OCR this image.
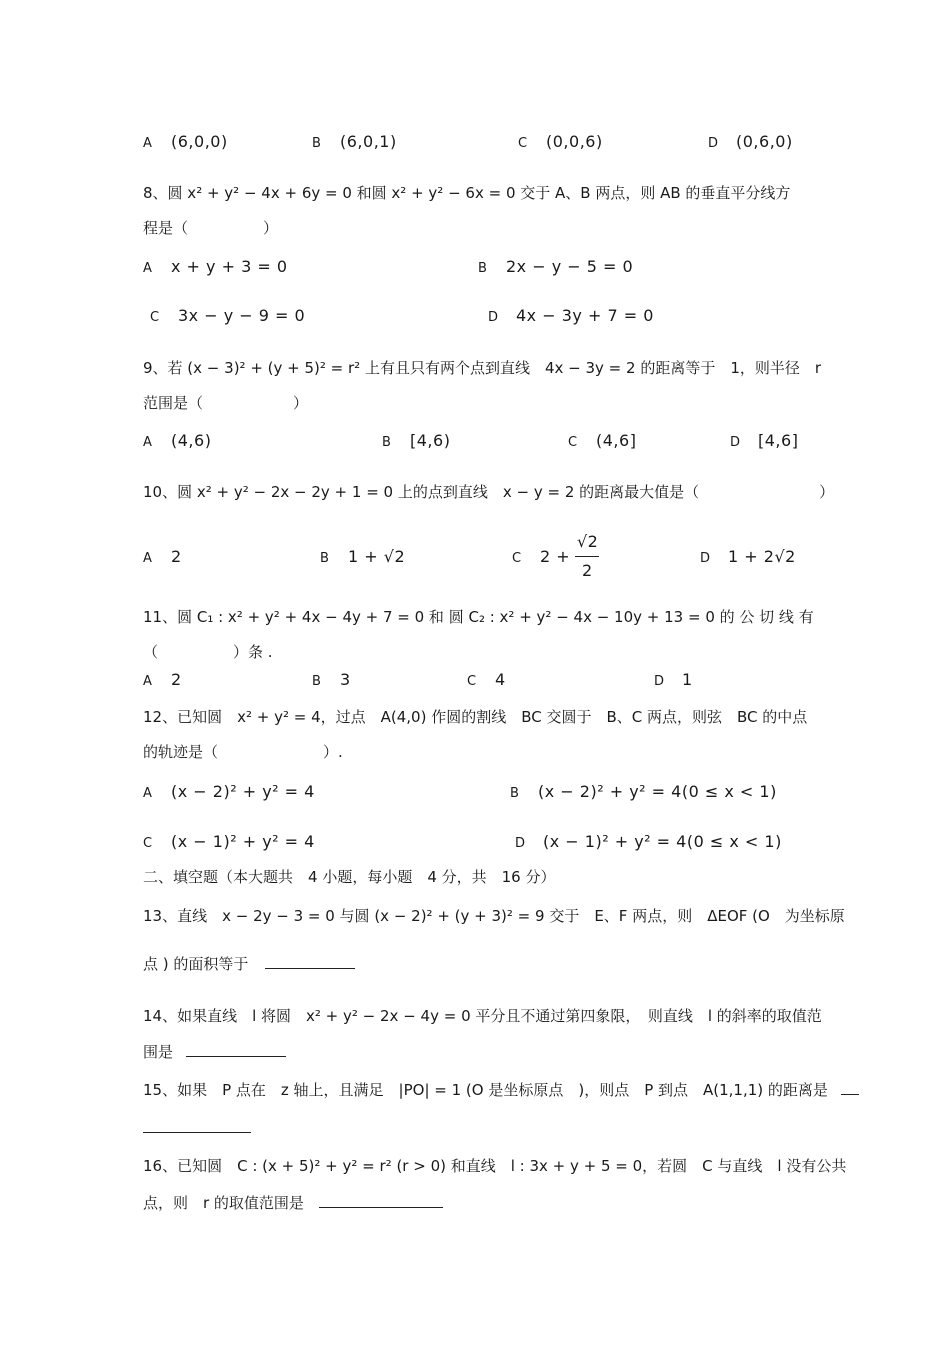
A (6,0,0)	B (6,0,1)	C (0,0,6)	D (0,6,0)
8、圆 x² + y² − 4x + 6y = 0 和圆 x² + y² − 6x = 0 交于 A、B 两点，则 AB 的垂直平分线方
程是（　　　　　）
A x + y + 3 = 0	B 2x − y − 5 = 0
C 3x − y − 9 = 0	D 4x − 3y + 7 = 0
9、若 (x − 3)² + (y + 5)² = r² 上有且只有两个点到直线　4x − 3y = 2 的距离等于　1，则半径　r
范围是（　　　　　　）
A (4,6)	B [4,6)	C (4,6]	D [4,6]
10、圆 x² + y² − 2x − 2y + 1 = 0 上的点到直线　x − y = 2 的距离最大值是（　　　　　　　　）
A 2	B 1 + √2	C $2 + \frac{√2}{2}$	D 1 + 2√2
11、圆 C₁ : x² + y² + 4x − 4y + 7 = 0 和 圆 C₂ : x² + y² − 4x − 10y + 13 = 0 的 公 切 线 有
（　　　　　）条 .
A 2	B 3	C 4	D 1
12、已知圆　x² + y² = 4，过点　A(4,0) 作圆的割线　BC 交圆于　B、C 两点，则弦　BC 的中点
的轨迹是（　　　　　　　）.
A (x − 2)² + y² = 4	B (x − 2)² + y² = 4(0 ≤ x < 1)
C (x − 1)² + y² = 4	D (x − 1)² + y² = 4(0 ≤ x < 1)
二、填空题（本大题共　4 小题，每小题　4 分，共　16 分）
13、直线　x − 2y − 3 = 0 与圆 (x − 2)² + (y + 3)² = 9 交于　E、F 两点，则　ΔEOF (O　为坐标原
点 ) 的面积等于
14、如果直线　l 将圆　x² + y² − 2x − 4y = 0 平分且不通过第四象限，　则直线　l 的斜率的取值范
围是
15、如果　P 点在　z 轴上，且满足　|PO| = 1 (O 是坐标原点　)，则点　P 到点　A(1,1,1) 的距离是
16、已知圆　C : (x + 5)² + y² = r² (r > 0) 和直线　l : 3x + y + 5 = 0，若圆　C 与直线　l 没有公共
点，则　r 的取值范围是
